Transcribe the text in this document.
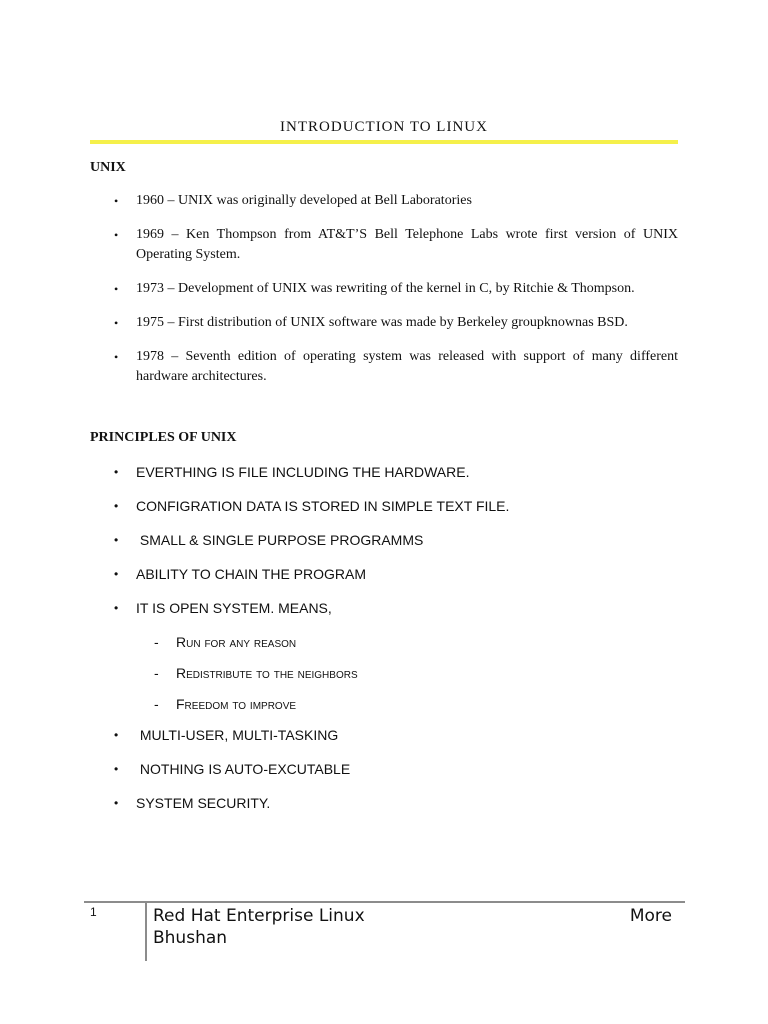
INTRODUCTION TO LINUX
UNIX
• 1960 – UNIX was originally developed at Bell Laboratories
• 1969 – Ken Thompson from AT&T’S Bell Telephone Labs wrote first version of UNIX Operating System.
• 1973 – Development of UNIX was rewriting of the kernel in C, by Ritchie & Thompson.
• 1975 – First distribution of UNIX software was made by Berkeley groupknownas BSD.
• 1978 – Seventh edition of operating system was released with support of many different hardware architectures.
PRINCIPLES OF UNIX
• EVERTHING IS FILE INCLUDING THE HARDWARE.
• CONFIGRATION DATA IS STORED IN SIMPLE TEXT FILE.
• SMALL & SINGLE PURPOSE PROGRAMMS
• ABILITY TO CHAIN THE PROGRAM
• IT IS OPEN SYSTEM. MEANS,
- Run for any reason
- Redistribute to the neighbors
- Freedom to improve
• MULTI-USER, MULTI-TASKING
• NOTHING IS AUTO-EXCUTABLE
• SYSTEM SECURITY.
1	Red Hat Enterprise Linux	More
Bhushan
